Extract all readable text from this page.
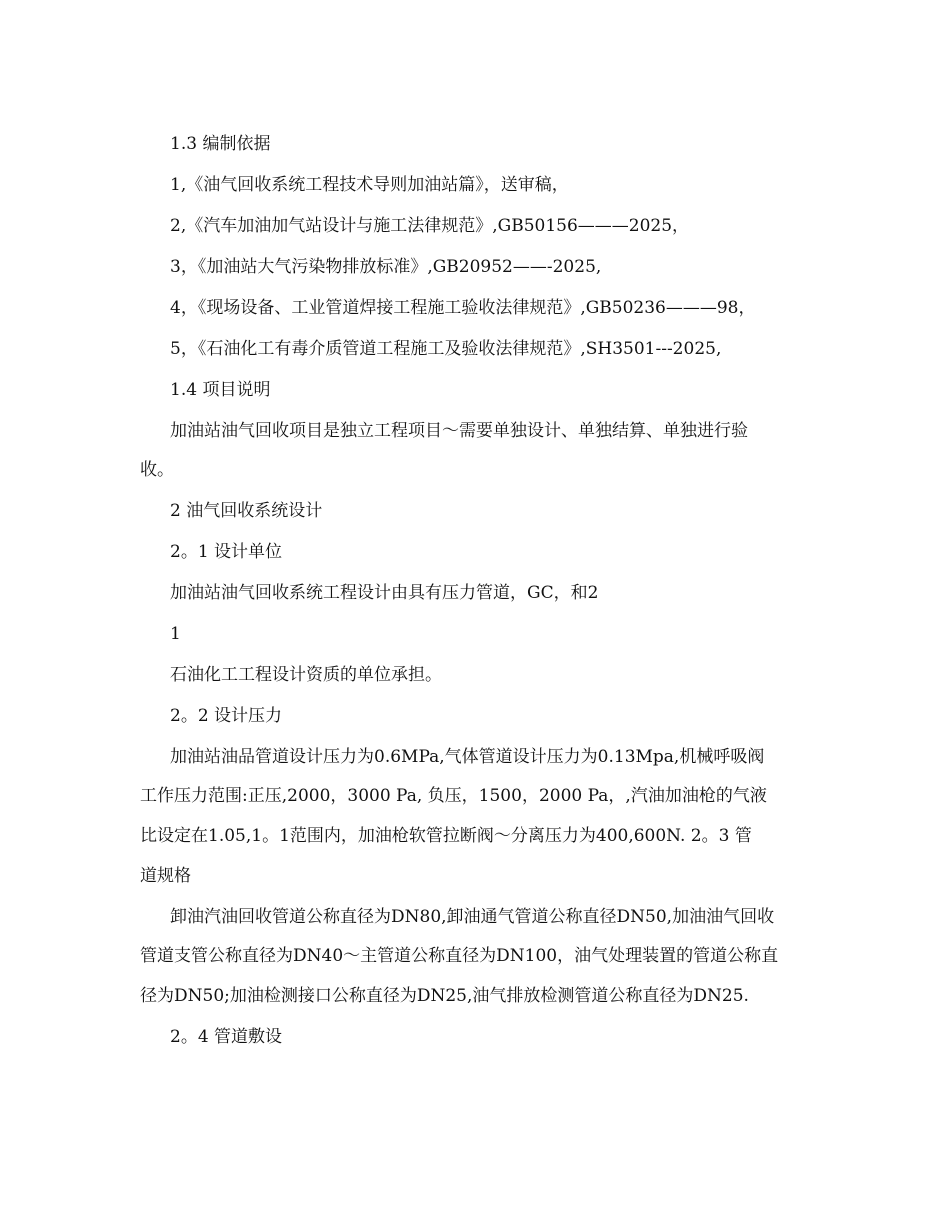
1.3 编制依据
1,《油气回收系统工程技术导则加油站篇》，送审稿，
2,《汽车加油加气站设计与施工法律规范》,GB50156———2025，
3，《加油站大气污染物排放标准》,GB20952——-2025,
4，《现场设备、工业管道焊接工程施工验收法律规范》,GB50236———98，
5，《石油化工有毒介质管道工程施工及验收法律规范》,SH3501---2025,
1.4 项目说明
加油站油气回收项目是独立工程项目～需要单独设计、单独结算、单独进行验
收。
2 油气回收系统设计
2。1 设计单位
加油站油气回收系统工程设计由具有压力管道，GC，和2
1
石油化工工程设计资质的单位承担。
2。2 设计压力
加油站油品管道设计压力为0.6MPa,气体管道设计压力为0.13Mpa,机械呼吸阀
工作压力范围:正压,2000，3000 Pa, 负压，1500，2000 Pa，,汽油加油枪的气液
比设定在1.05,1。1范围内，加油枪软管拉断阀～分离压力为400,600N. 2。3 管
道规格
卸油汽油回收管道公称直径为DN80,卸油通气管道公称直径DN50,加油油气回收
管道支管公称直径为DN40～主管道公称直径为DN100，油气处理装置的管道公称直
径为DN50;加油检测接口公称直径为DN25,油气排放检测管道公称直径为DN25.
2。4 管道敷设
